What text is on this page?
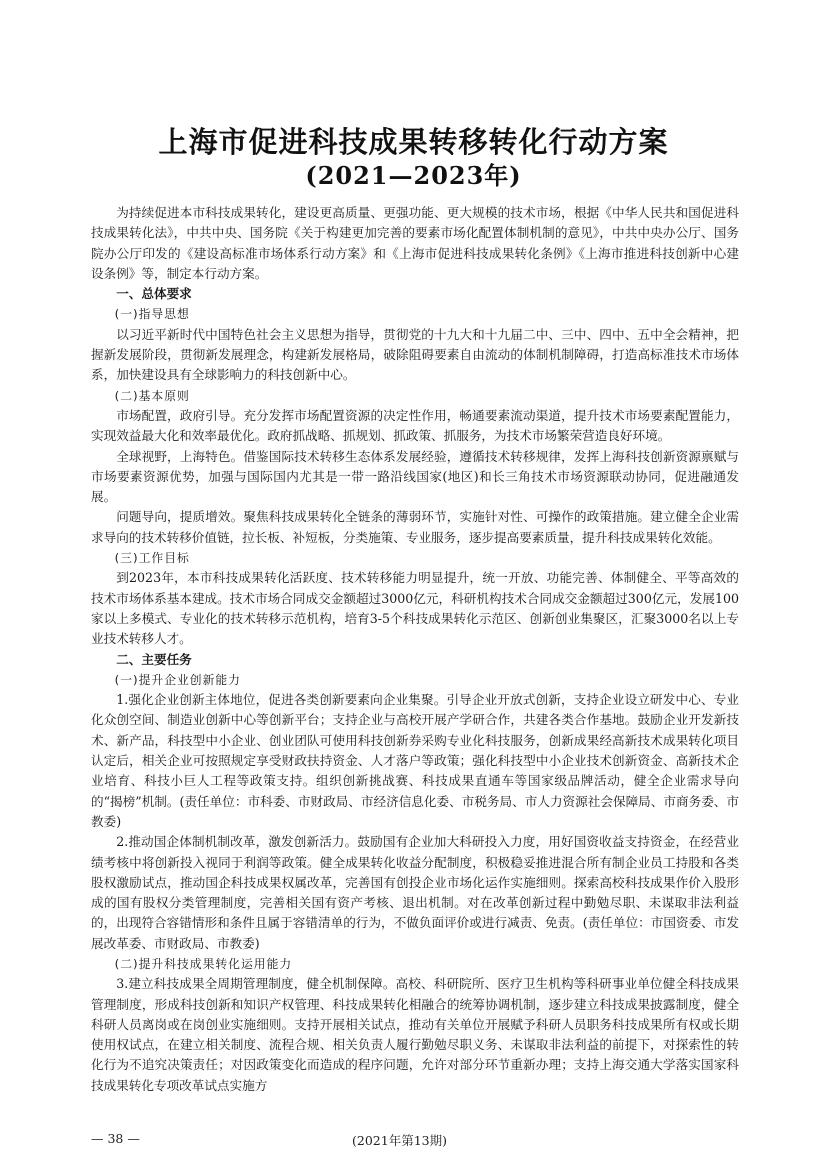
上海市促进科技成果转移转化行动方案
(2021—2023年)

为持续促进本市科技成果转化，建设更高质量、更强功能、更大规模的技术市场，根据《中华人民共和国促进科技成果转化法》，中共中央、国务院《关于构建更加完善的要素市场化配置体制机制的意见》，中共中央办公厅、国务院办公厅印发的《建设高标准市场体系行动方案》和《上海市促进科技成果转化条例》《上海市推进科技创新中心建设条例》等，制定本行动方案。

一、总体要求

(一)指导思想

以习近平新时代中国特色社会主义思想为指导，贯彻党的十九大和十九届二中、三中、四中、五中全会精神，把握新发展阶段，贯彻新发展理念，构建新发展格局，破除阻碍要素自由流动的体制机制障碍，打造高标准技术市场体系，加快建设具有全球影响力的科技创新中心。

(二)基本原则

市场配置，政府引导。充分发挥市场配置资源的决定性作用，畅通要素流动渠道，提升技术市场要素配置能力，实现效益最大化和效率最优化。政府抓战略、抓规划、抓政策、抓服务，为技术市场繁荣营造良好环境。

全球视野，上海特色。借鉴国际技术转移生态体系发展经验，遵循技术转移规律，发挥上海科技创新资源禀赋与市场要素资源优势，加强与国际国内尤其是一带一路沿线国家(地区)和长三角技术市场资源联动协同，促进融通发展。

问题导向，提质增效。聚焦科技成果转化全链条的薄弱环节，实施针对性、可操作的政策措施。建立健全企业需求导向的技术转移价值链，拉长板、补短板，分类施策、专业服务，逐步提高要素质量，提升科技成果转化效能。

(三)工作目标

到2023年，本市科技成果转化活跃度、技术转移能力明显提升，统一开放、功能完善、体制健全、平等高效的技术市场体系基本建成。技术市场合同成交金额超过3000亿元，科研机构技术合同成交金额超过300亿元，发展100家以上多模式、专业化的技术转移示范机构，培育3-5个科技成果转化示范区、创新创业集聚区，汇聚3000名以上专业技术转移人才。

二、主要任务

(一)提升企业创新能力

1.强化企业创新主体地位，促进各类创新要素向企业集聚。引导企业开放式创新，支持企业设立研发中心、专业化众创空间、制造业创新中心等创新平台；支持企业与高校开展产学研合作，共建各类合作基地。鼓励企业开发新技术、新产品，科技型中小企业、创业团队可使用科技创新券采购专业化科技服务，创新成果经高新技术成果转化项目认定后，相关企业可按照规定享受财政扶持资金、人才落户等政策；强化科技型中小企业技术创新资金、高新技术企业培育、科技小巨人工程等政策支持。组织创新挑战赛、科技成果直通车等国家级品牌活动，健全企业需求导向的“揭榜”机制。(责任单位：市科委、市财政局、市经济信息化委、市税务局、市人力资源社会保障局、市商务委、市教委)

2.推动国企体制机制改革，激发创新活力。鼓励国有企业加大科研投入力度，用好国资收益支持资金，在经营业绩考核中将创新投入视同于利润等政策。健全成果转化收益分配制度，积极稳妥推进混合所有制企业员工持股和各类股权激励试点，推动国企科技成果权属改革，完善国有创投企业市场化运作实施细则。探索高校科技成果作价入股形成的国有股权分类管理制度，完善相关国有资产考核、退出机制。对在改革创新过程中勤勉尽职、未谋取非法利益的，出现符合容错情形和条件且属于容错清单的行为，不做负面评价或进行减责、免责。(责任单位：市国资委、市发展改革委、市财政局、市教委)

(二)提升科技成果转化运用能力

3.建立科技成果全周期管理制度，健全机制保障。高校、科研院所、医疗卫生机构等科研事业单位健全科技成果管理制度，形成科技创新和知识产权管理、科技成果转化相融合的统筹协调机制，逐步建立科技成果披露制度，健全科研人员离岗或在岗创业实施细则。支持开展相关试点，推动有关单位开展赋予科研人员职务科技成果所有权或长期使用权试点，在建立相关制度、流程合规、相关负责人履行勤勉尽职义务、未谋取非法利益的前提下，对探索性的转化行为不追究决策责任；对因政策变化而造成的程序问题，允许对部分环节重新办理；支持上海交通大学落实国家科技成果转化专项改革试点实施方

— 38 —	(2021年第13期)
